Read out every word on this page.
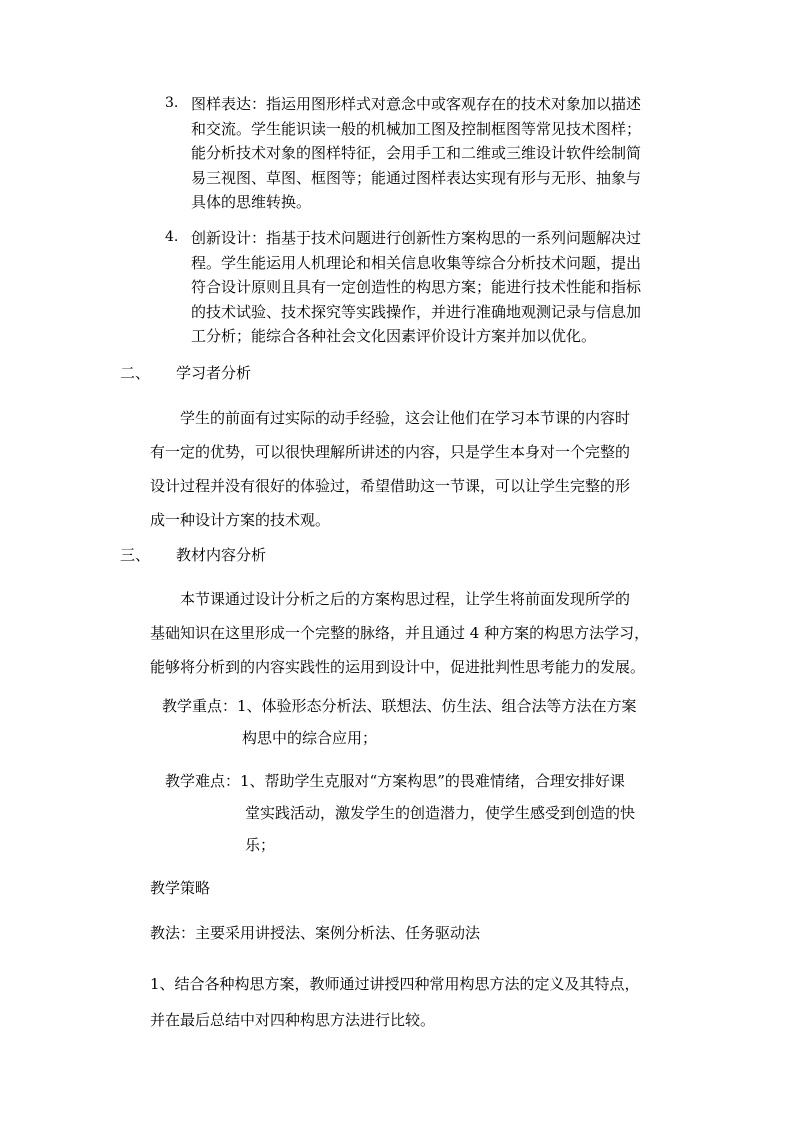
3. 图样表达：指运用图形样式对意念中或客观存在的技术对象加以描述
和交流。学生能识读一般的机械加工图及控制框图等常见技术图样；
能分析技术对象的图样特征，会用手工和二维或三维设计软件绘制简
易三视图、草图、框图等；能通过图样表达实现有形与无形、抽象与
具体的思维转换。
4. 创新设计：指基于技术问题进行创新性方案构思的一系列问题解决过
程。学生能运用人机理论和相关信息收集等综合分析技术问题，提出
符合设计原则且具有一定创造性的构思方案；能进行技术性能和指标
的技术试验、技术探究等实践操作，并进行准确地观测记录与信息加
工分析；能综合各种社会文化因素评价设计方案并加以优化。
二、 学习者分析
学生的前面有过实际的动手经验，这会让他们在学习本节课的内容时
有一定的优势，可以很快理解所讲述的内容，只是学生本身对一个完整的
设计过程并没有很好的体验过，希望借助这一节课，可以让学生完整的形
成一种设计方案的技术观。
三、 教材内容分析
本节课通过设计分析之后的方案构思过程，让学生将前面发现所学的
基础知识在这里形成一个完整的脉络，并且通过 4 种方案的构思方法学习，
能够将分析到的内容实践性的运用到设计中，促进批判性思考能力的发展。
教学重点：1、体验形态分析法、联想法、仿生法、组合法等方法在方案
构思中的综合应用；
教学难点：1、帮助学生克服对“方案构思”的畏难情绪，合理安排好课
堂实践活动，激发学生的创造潜力，使学生感受到创造的快
乐；
教学策略
教法：主要采用讲授法、案例分析法、任务驱动法
1、结合各种构思方案，教师通过讲授四种常用构思方法的定义及其特点，
并在最后总结中对四种构思方法进行比较。
